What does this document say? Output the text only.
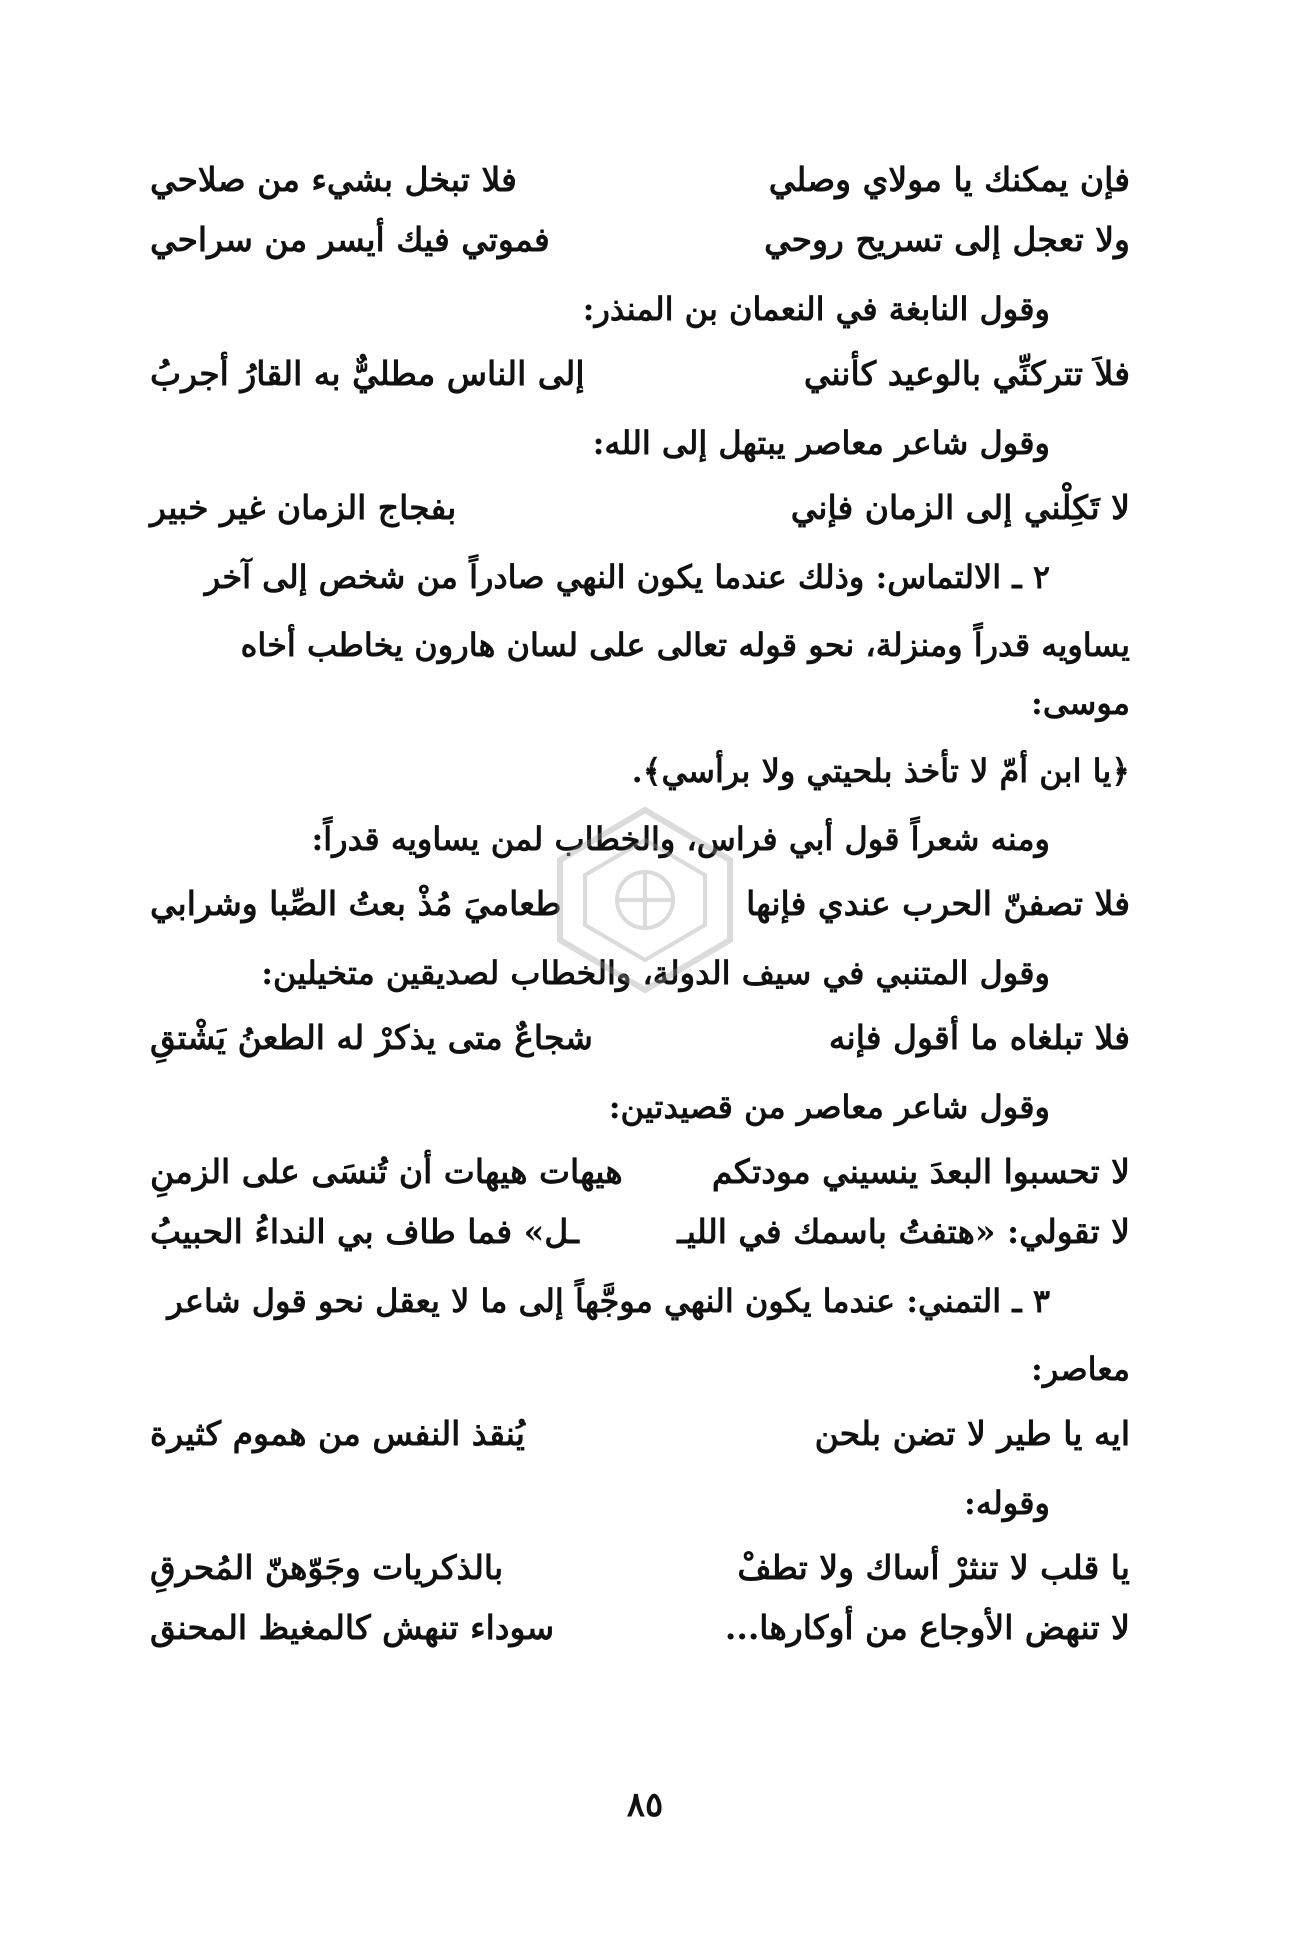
فإن يمكنك يا مولاي وصلي
فلا تبخل بشيء من صلاحي
ولا تعجل إلى تسريح روحي
فموتي فيك أيسر من سراحي
وقول النابغة في النعمان بن المنذر:
فلاَ تتركنِّي بالوعيد كأنني
إلى الناس مطليٌّ به القارُ أجربُ
وقول شاعر معاصر يبتهل إلى الله:
لا تَكِلْني إلى الزمان فإني
بفجاج الزمان غير خبير
٢ ـ الالتماس: وذلك عندما يكون النهي صادراً من شخص إلى آخر
يساويه قدراً ومنزلة، نحو قوله تعالى على لسان هارون يخاطب أخاه موسى:
﴿يا ابن أمّ لا تأخذ بلحيتي ولا برأسي﴾.
ومنه شعراً قول أبي فراس، والخطاب لمن يساويه قدراً:
فلا تصفنّ الحرب عندي فإنها
طعاميَ مُذْ بعتُ الصِّبا وشرابي
وقول المتنبي في سيف الدولة، والخطاب لصديقين متخيلين:
فلا تبلغاه ما أقول فإنه
شجاعٌ متى يذكرْ له الطعنُ يَشْتقِ
وقول شاعر معاصر من قصيدتين:
لا تحسبوا البعدَ ينسيني مودتكم
هيهات هيهات أن تُنسَى على الزمنِ
لا تقولي: «هتفتُ باسمك في الليـ
ـل» فما طاف بي النداءُ الحبيبُ
٣ ـ التمني: عندما يكون النهي موجَّهاً إلى ما لا يعقل نحو قول شاعر
معاصر:
ايه يا طير لا تضن بلحن
يُنقذ النفس من هموم كثيرة
وقوله:
يا قلب لا تنثرْ أساك ولا تطفْ
بالذكريات وجَوّهنّ المُحرقِ
لا تنهض الأوجاع من أوكارها...
سوداء تنهش كالمغيظ المحنق
٨٥
